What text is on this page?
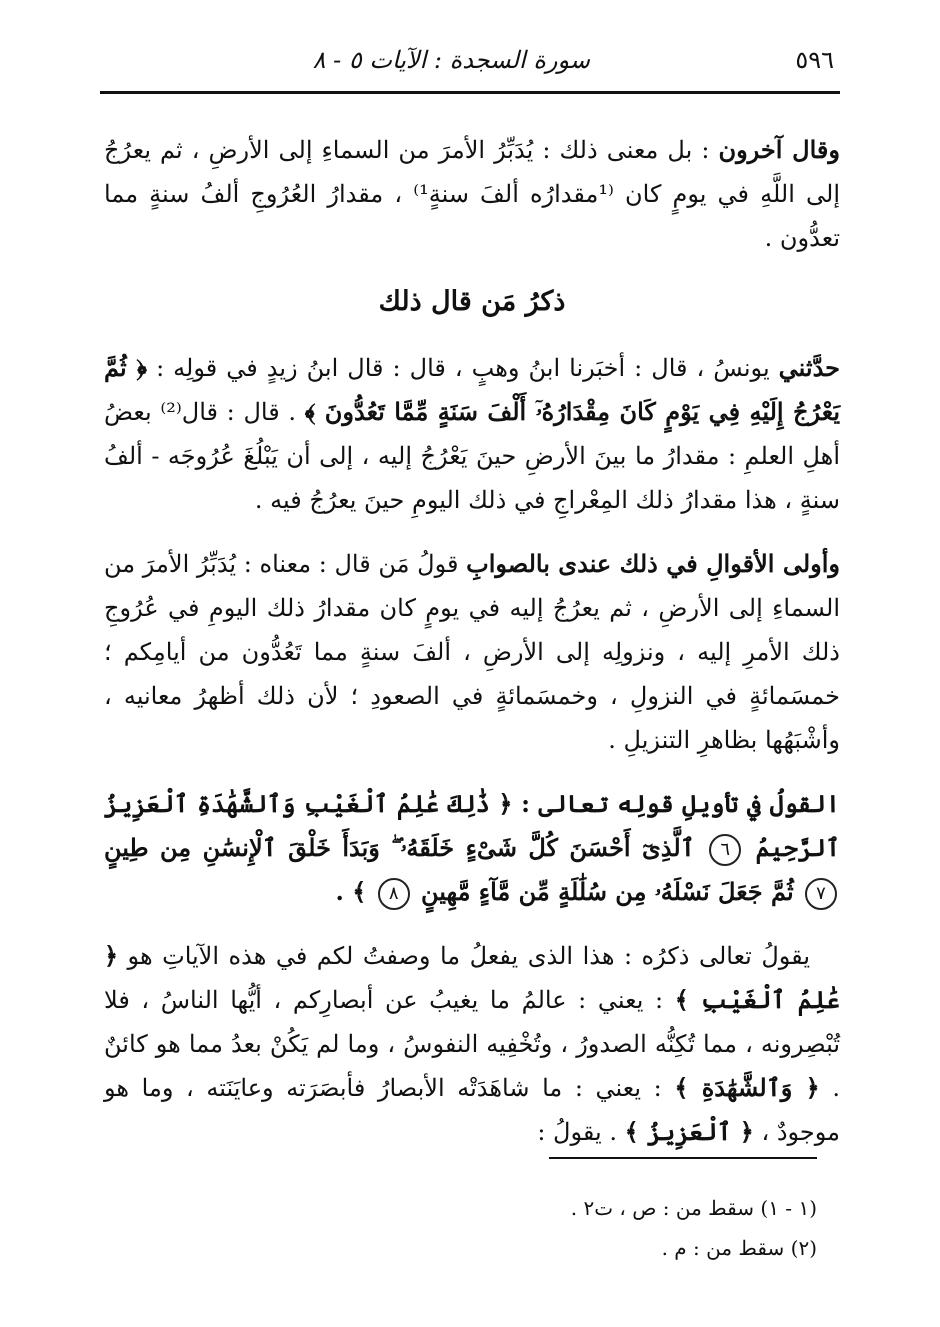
٥٩٦
سورة السجدة : الآيات ٥ - ٨

وقال آخرون : بل معنى ذلك : يُدَبِّرُ الأمرَ من السماءِ إلى الأرضِ ، ثم يعرُجُ إلى اللَّهِ في يومٍ كان ⁽¹مقدارُه ألفَ سنةٍ¹⁾ ، مقدارُ العُرُوجِ ألفُ سنةٍ مما تعدُّون .

ذكرُ مَن قال ذلك

حدَّثني يونسُ ، قال : أخبَرنا ابنُ وهبٍ ، قال : قال ابنُ زيدٍ في قولِه : ﴿ ثُمَّ يَعْرُجُ إِلَيْهِ فِي يَوْمٍ كَانَ مِقْدَارُهُۥٓ أَلْفَ سَنَةٍ مِّمَّا تَعُدُّونَ ﴾ . قال : قال⁽²⁾ بعضُ أهلِ العلمِ : مقدارُ ما بينَ الأرضِ حينَ يَعْرُجُ إليه ، إلى أن يَبْلُغَ عُرُوجَه - ألفُ سنةٍ ، هذا مقدارُ ذلك المِعْراجِ في ذلك اليومِ حينَ يعرُجُ فيه .

وأولى الأقوالِ في ذلك عندى بالصوابِ قولُ مَن قال : معناه : يُدَبِّرُ الأمرَ من السماءِ إلى الأرضِ ، ثم يعرُجُ إليه في يومٍ كان مقدارُ ذلك اليومِ في عُرُوجِ ذلك الأمرِ إليه ، ونزولِه إلى الأرضِ ، ألفَ سنةٍ مما تَعُدُّون من أيامِكم ؛ خمسَمائةٍ في النزولِ ، وخمسَمائةٍ في الصعودِ ؛ لأن ذلك أظهرُ معانيه ، وأشْبَهُها بظاهرِ التنزيلِ .

القولُ في تأويلِ قولِه تعالى : ﴿ ذَٰلِكَ عَٰلِمُ ٱلْغَيْبِ وَٱلشَّهَٰدَةِ ٱلْعَزِيزُ ٱلرَّحِيمُ ٦ ٱلَّذِىٓ أَحْسَنَ كُلَّ شَىْءٍ خَلَقَهُۥ ۖ وَبَدَأَ خَلْقَ ٱلْإِنسَٰنِ مِن طِينٍ ٧ ثُمَّ جَعَلَ نَسْلَهُۥ مِن سُلَٰلَةٍ مِّن مَّآءٍ مَّهِينٍ ٨ ﴾ .

يقولُ تعالى ذكرُه : هذا الذى يفعلُ ما وصفتُ لكم في هذه الآياتِ هو ﴿ عَٰلِمُ ٱلْغَيْبِ ﴾ : يعني : عالمُ ما يغيبُ عن أبصارِكم ، أيُّها الناسُ ، فلا تُبْصِرونه ، مما تُكِنُّه الصدورُ ، وتُخْفِيه النفوسُ ، وما لم يَكُنْ بعدُ مما هو كائنٌ . ﴿ وَٱلشَّهَٰدَةِ ﴾ : يعني : ما شاهَدَتْه الأبصارُ فأبصَرَته وعايَنَته ، وما هو موجودٌ ، ﴿ ٱلْعَزِيزُ ﴾ . يقولُ :

(١ - ١) سقط من : ص ، ت٢ .
(٢) سقط من : م .
